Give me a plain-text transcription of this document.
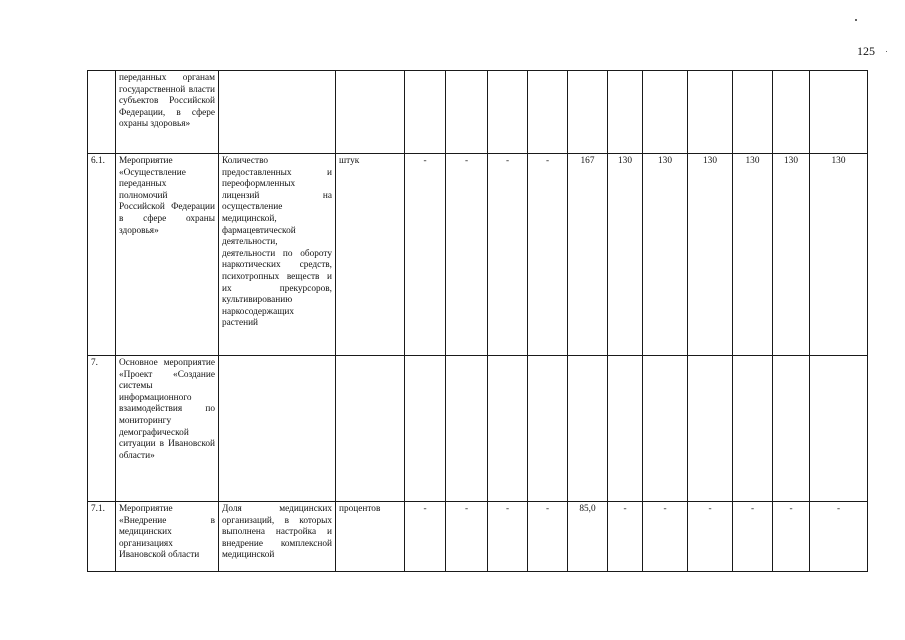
125
	переданных органам государственной власти субъектов Российской Федерации, в сфере охраны здоровья»													
6.1.	Мероприятие «Осуществление переданных полномочий Российской Федерации в сфере охраны здоровья»	Количество предоставленных и переоформленных лицензий на осуществление медицинской, фармацевтической деятельности, деятельности по обороту наркотических средств, психотропных веществ и их прекурсоров, культивированию наркосодержащих растений	штук	-	-	-	-	167	130	130	130	130	130	130
7.	Основное мероприятие «Проект «Создание системы информационного взаимодействия по мониторингу демографической ситуации в Ивановской области»													
7.1.	Мероприятие «Внедрение в медицинских организациях Ивановской области	Доля медицинских организаций, в которых выполнена настройка и внедрение комплексной медицинской	процентов	-	-	-	-	85,0	-	-	-	-	-	-
